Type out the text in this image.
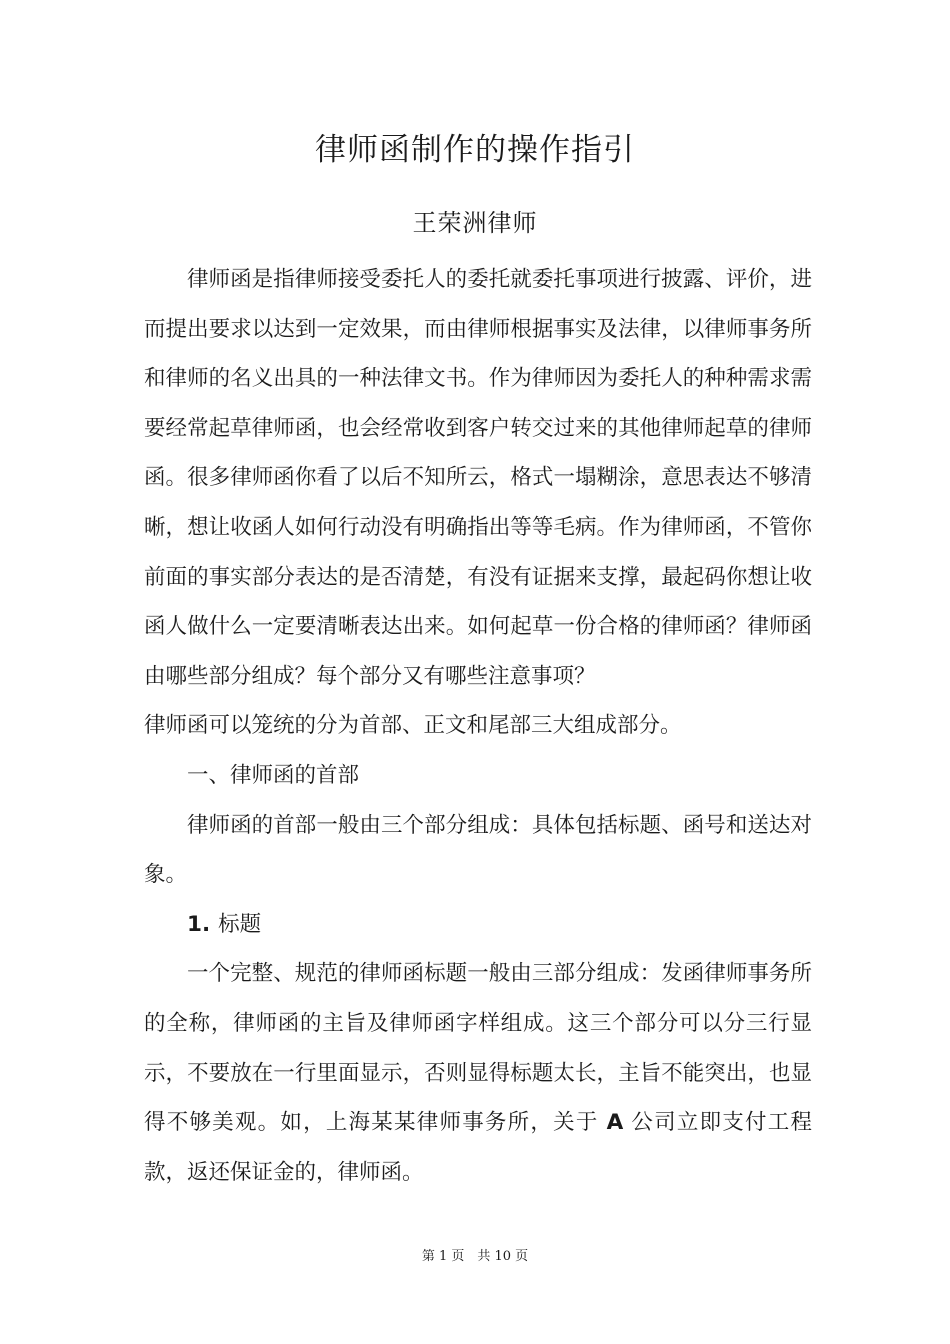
律师函制作的操作指引
王荣洲律师

律师函是指律师接受委托人的委托就委托事项进行披露、评价，进而提出要求以达到一定效果，而由律师根据事实及法律，以律师事务所和律师的名义出具的一种法律文书。作为律师因为委托人的种种需求需要经常起草律师函，也会经常收到客户转交过来的其他律师起草的律师函。很多律师函你看了以后不知所云，格式一塌糊涂，意思表达不够清晰，想让收函人如何行动没有明确指出等等毛病。作为律师函，不管你前面的事实部分表达的是否清楚，有没有证据来支撑，最起码你想让收函人做什么一定要清晰表达出来。如何起草一份合格的律师函？律师函由哪些部分组成？每个部分又有哪些注意事项？

律师函可以笼统的分为首部、正文和尾部三大组成部分。

一、律师函的首部

律师函的首部一般由三个部分组成：具体包括标题、函号和送达对象。

1. 标题

一个完整、规范的律师函标题一般由三部分组成：发函律师事务所的全称，律师函的主旨及律师函字样组成。这三个部分可以分三行显示，不要放在一行里面显示，否则显得标题太长，主旨不能突出，也显得不够美观。如，上海某某律师事务所，关于 A 公司立即支付工程款，返还保证金的，律师函。

第 1 页　共 10 页
